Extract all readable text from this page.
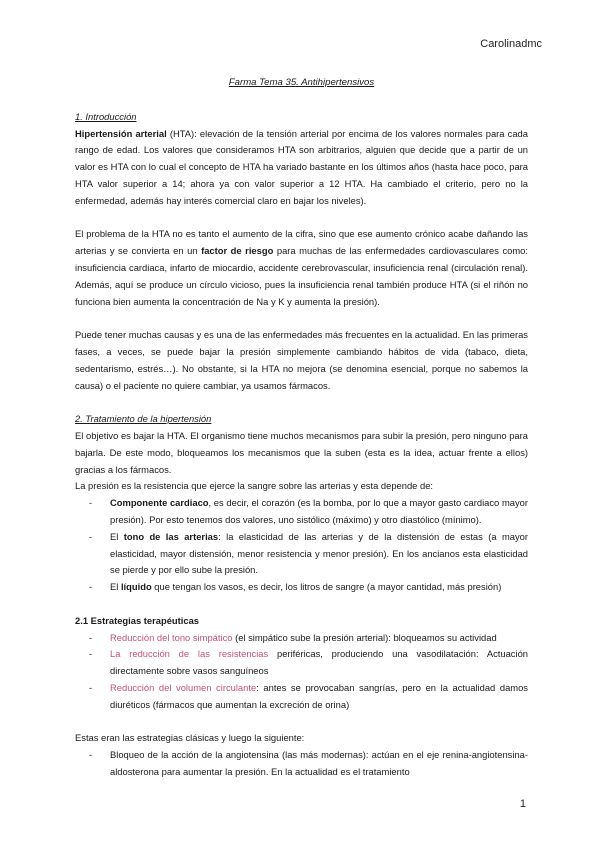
Carolinadmc

Farma Tema 35. Antihipertensivos

1. Introducción

Hipertensión arterial (HTA): elevación de la tensión arterial por encima de los valores normales para cada rango de edad. Los valores que consideramos HTA son arbitrarios, alguien que decide que a partir de un valor es HTA con lo cual el concepto de HTA ha variado bastante en los últimos años (hasta hace poco, para HTA valor superior a 14; ahora ya con valor superior a 12 HTA. Ha cambiado el criterio, pero no la enfermedad, además hay interés comercial claro en bajar los niveles).

El problema de la HTA no es tanto el aumento de la cifra, sino que ese aumento crónico acabe dañando las arterias y se convierta en un factor de riesgo para muchas de las enfermedades cardiovasculares como: insuficiencia cardiaca, infarto de miocardio, accidente cerebrovascular, insuficiencia renal (circulación renal). Además, aquí se produce un círculo vicioso, pues la insuficiencia renal también produce HTA (si el riñón no funciona bien aumenta la concentración de Na y K y aumenta la presión).

Puede tener muchas causas y es una de las enfermedades más frecuentes en la actualidad. En las primeras fases, a veces, se puede bajar la presión simplemente cambiando hábitos de vida (tabaco, dieta, sedentarismo, estrés…). No obstante, si la HTA no mejora (se denomina esencial, porque no sabemos la causa) o el paciente no quiere cambiar, ya usamos fármacos.

2. Tratamiento de la hipertensión

El objetivo es bajar la HTA. El organismo tiene muchos mecanismos para subir la presión, pero ninguno para bajarla. De este modo, bloqueamos los mecanismos que la suben (esta es la idea, actuar frente a ellos) gracias a los fármacos.

La presión es la resistencia que ejerce la sangre sobre las arterias y esta depende de:

- Componente cardiaco, es decir, el corazón (es la bomba, por lo que a mayor gasto cardiaco mayor presión). Por esto tenemos dos valores, uno sistólico (máximo) y otro diastólico (mínimo).
- El tono de las arterias: la elasticidad de las arterias y de la distensión de estas (a mayor elasticidad, mayor distensión, menor resistencia y menor presión). En los ancianos esta elasticidad se pierde y por ello sube la presión.
- El líquido que tengan los vasos, es decir, los litros de sangre (a mayor cantidad, más presión)

2.1 Estrategias terapéuticas

- Reducción del tono simpático (el simpático sube la presión arterial): bloqueamos su actividad
- La reducción de las resistencias periféricas, produciendo una vasodilatación: Actuación directamente sobre vasos sanguíneos
- Reducción del volumen circulante: antes se provocaban sangrías, pero en la actualidad damos diuréticos (fármacos que aumentan la excreción de orina)

Estas eran las estrategias clásicas y luego la siguiente:

- Bloqueo de la acción de la angiotensina (las más modernas): actúan en el eje renina-angiotensina-aldosterona para aumentar la presión. En la actualidad es el tratamiento
1
